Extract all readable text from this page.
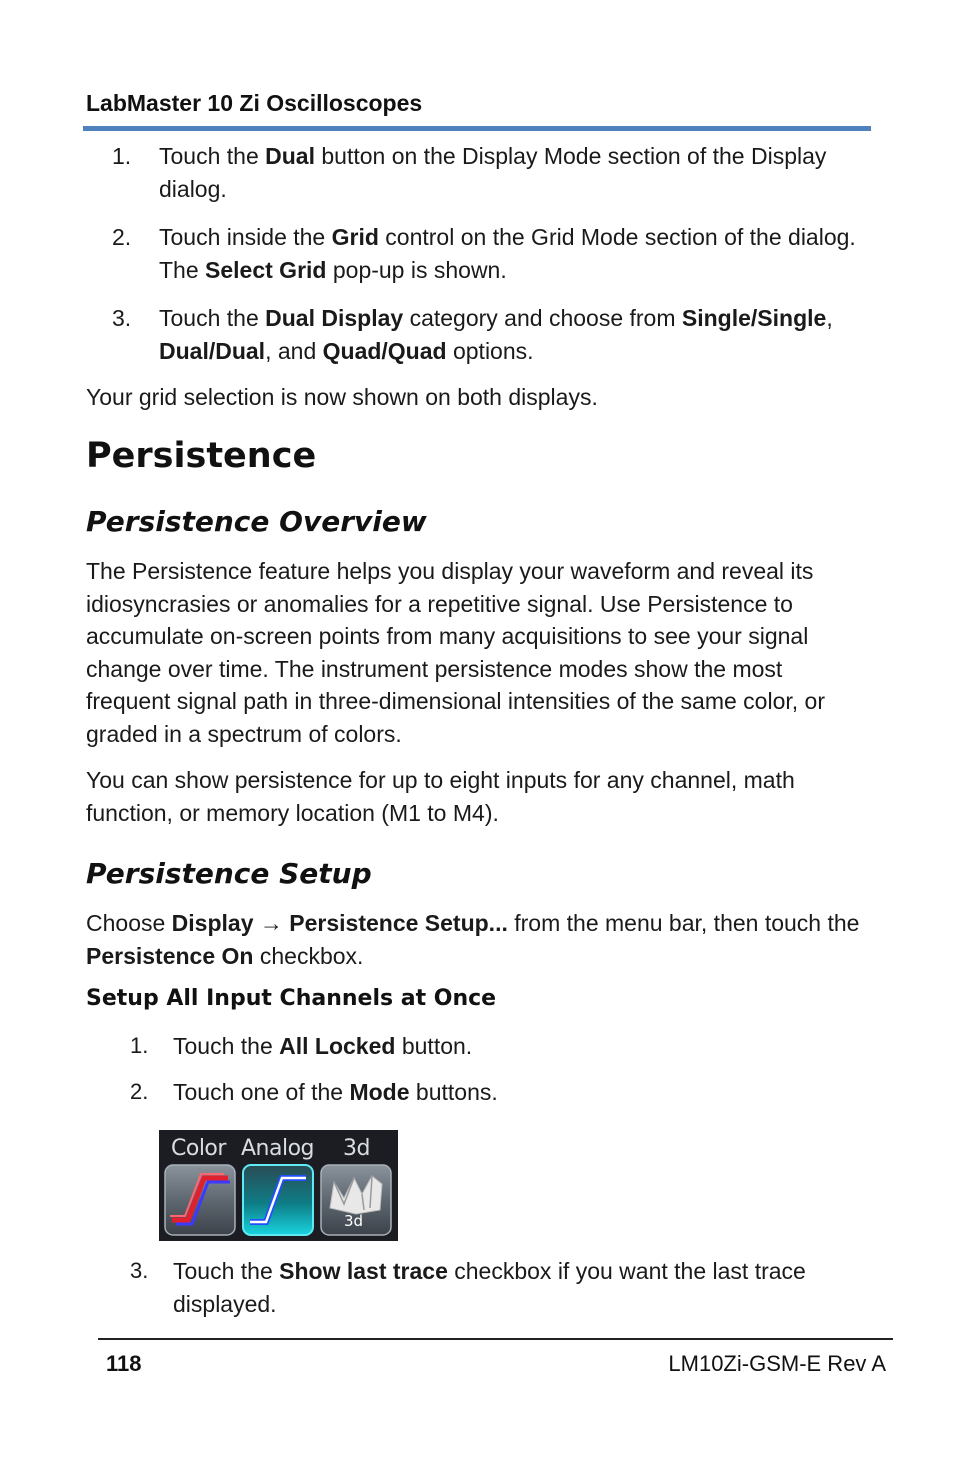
LabMaster 10 Zi Oscilloscopes
1. Touch the Dual button on the Display Mode section of the Display dialog.
2. Touch inside the Grid control on the Grid Mode section of the dialog. The Select Grid pop-up is shown.
3. Touch the Dual Display category and choose from Single/Single, Dual/Dual, and Quad/Quad options.
Your grid selection is now shown on both displays.
Persistence
Persistence Overview
The Persistence feature helps you display your waveform and reveal its idiosyncrasies or anomalies for a repetitive signal. Use Persistence to accumulate on-screen points from many acquisitions to see your signal change over time. The instrument persistence modes show the most frequent signal path in three-dimensional intensities of the same color, or graded in a spectrum of colors.
You can show persistence for up to eight inputs for any channel, math function, or memory location (M1 to M4).
Persistence Setup
Choose Display → Persistence Setup... from the menu bar, then touch the Persistence On checkbox.
Setup All Input Channels at Once
1. Touch the All Locked button.
2. Touch one of the Mode buttons.
Color Analog 3d
3d
3. Touch the Show last trace checkbox if you want the last trace displayed.
118	LM10Zi-GSM-E Rev A
